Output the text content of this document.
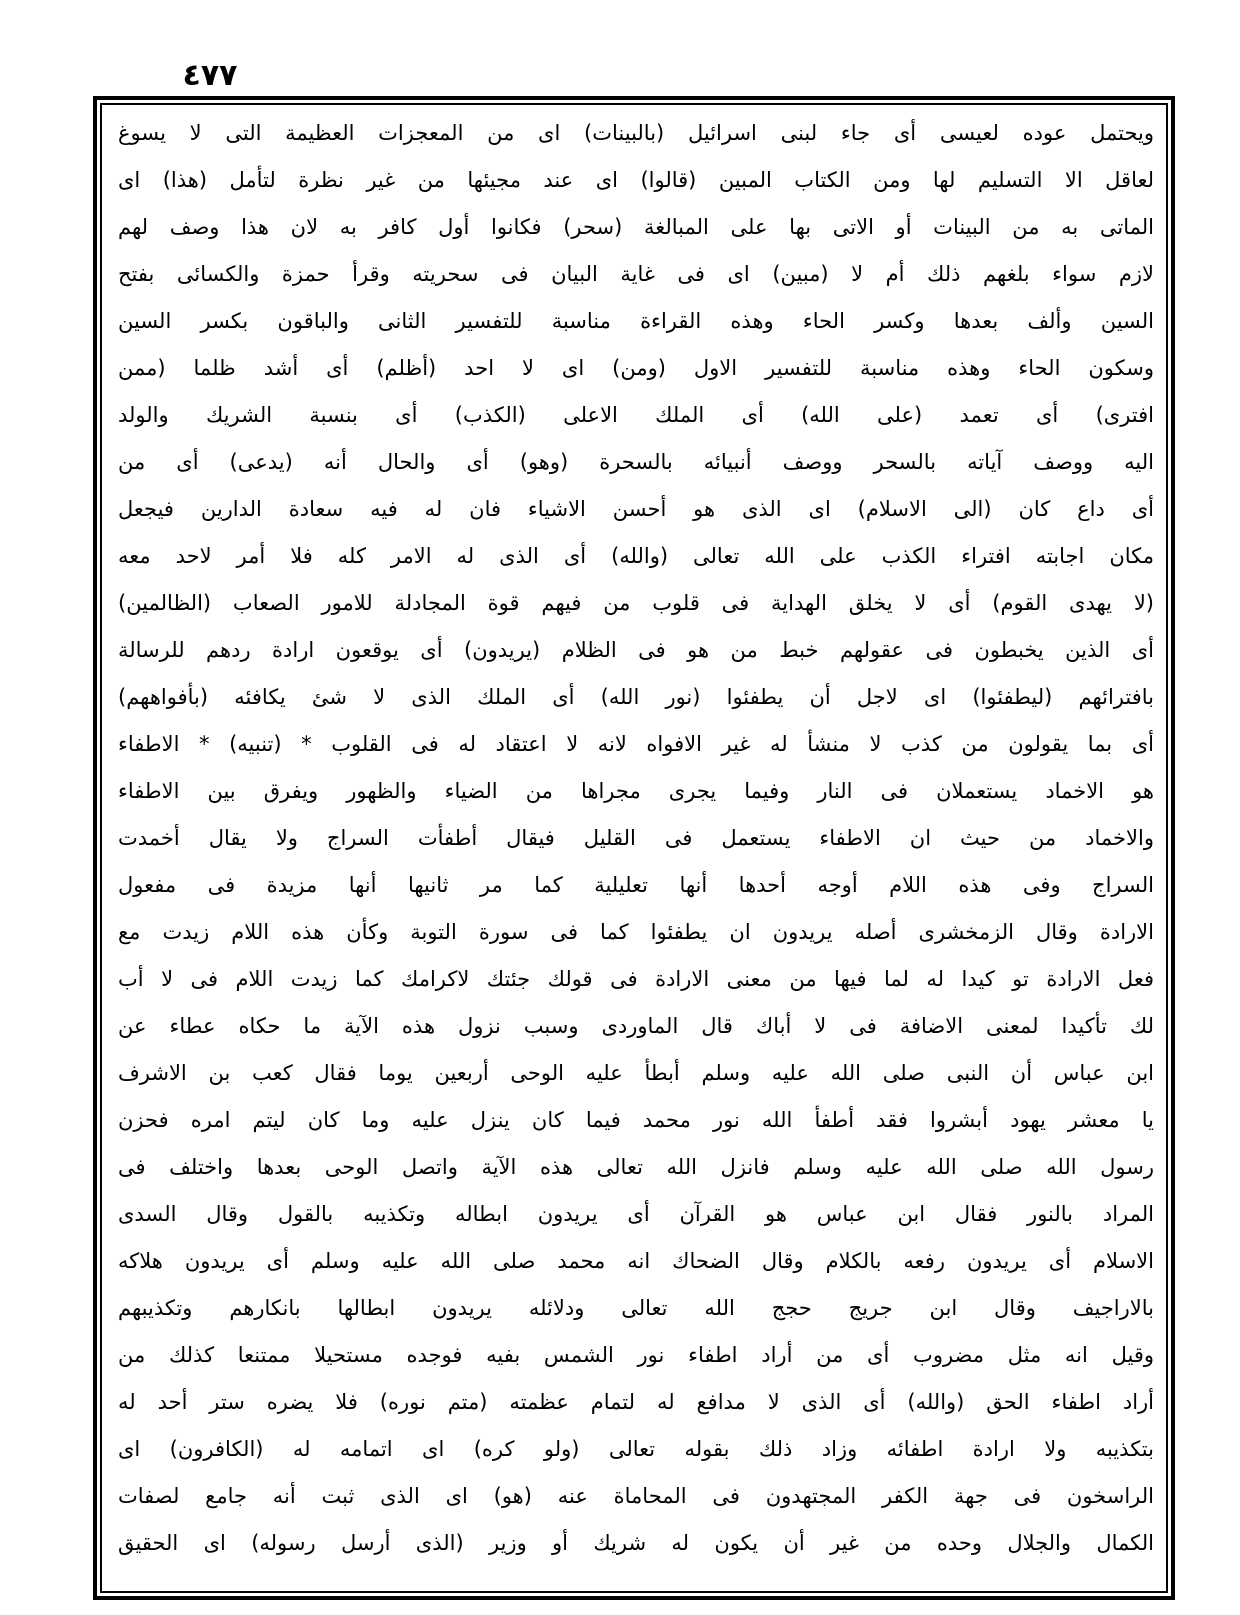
٤٧٧
ويحتمل عوده لعيسى أى جاء لبنى اسرائيل (بالبينات) اى من المعجزات العظيمة التى لا يسوغ
لعاقل الا التسليم لها ومن الكتاب المبين (قالوا) اى عند مجيئها من غير نظرة لتأمل (هذا) اى
الماتى به من البينات أو الاتى بها على المبالغة (سحر) فكانوا أول كافر به لان هذا وصف لهم
لازم سواء بلغهم ذلك أم لا (مبين) اى فى غاية البيان فى سحريته وقرأ حمزة والكسائى بفتح
السين وألف بعدها وكسر الحاء وهذه القراءة مناسبة للتفسير الثانى والباقون بكسر السين
وسكون الحاء وهذه مناسبة للتفسير الاول (ومن) اى لا احد (أظلم) أى أشد ظلما (ممن
افترى) أى تعمد (على الله) أى الملك الاعلى (الكذب) أى بنسبة الشريك والولد
اليه ووصف آياته بالسحر ووصف أنبيائه بالسحرة (وهو) أى والحال أنه (يدعى) أى من
أى داع كان (الى الاسلام) اى الذى هو أحسن الاشياء فان له فيه سعادة الدارين فيجعل
مكان اجابته افتراء الكذب على الله تعالى (والله) أى الذى له الامر كله فلا أمر لاحد معه
(لا يهدى القوم) أى لا يخلق الهداية فى قلوب من فيهم قوة المجادلة للامور الصعاب (الظالمين)
أى الذين يخبطون فى عقولهم خبط من هو فى الظلام (يريدون) أى يوقعون ارادة ردهم للرسالة
بافترائهم (ليطفئوا) اى لاجل أن يطفئوا (نور الله) أى الملك الذى لا شئ يكافئه (بأفواههم)
أى بما يقولون من كذب لا منشأ له غير الافواه لانه لا اعتقاد له فى القلوب * (تنبيه) * الاطفاء
هو الاخماد يستعملان فى النار وفيما يجرى مجراها من الضياء والظهور ويفرق بين الاطفاء
والاخماد من حيث ان الاطفاء يستعمل فى القليل فيقال أطفأت السراج ولا يقال أخمدت
السراج وفى هذه اللام أوجه أحدها أنها تعليلية كما مر ثانيها أنها مزيدة فى مفعول
الارادة وقال الزمخشرى أصله يريدون ان يطفئوا كما فى سورة التوبة وكأن هذه اللام زيدت مع
فعل الارادة تو كيدا له لما فيها من معنى الارادة فى قولك جئتك لاكرامك كما زيدت اللام فى لا أب
لك تأكيدا لمعنى الاضافة فى لا أباك قال الماوردى وسبب نزول هذه الآية ما حكاه عطاء عن
ابن عباس أن النبى صلى الله عليه وسلم أبطأ عليه الوحى أربعين يوما فقال كعب بن الاشرف
يا معشر يهود أبشروا فقد أطفأ الله نور محمد فيما كان ينزل عليه وما كان ليتم امره فحزن
رسول الله صلى الله عليه وسلم فانزل الله تعالى هذه الآية واتصل الوحى بعدها واختلف فى
المراد بالنور فقال ابن عباس هو القرآن أى يريدون ابطاله وتكذيبه بالقول وقال السدى
الاسلام أى يريدون رفعه بالكلام وقال الضحاك انه محمد صلى الله عليه وسلم أى يريدون هلاكه
بالاراجيف وقال ابن جريج حجج الله تعالى ودلائله يريدون ابطالها بانكارهم وتكذيبهم
وقيل انه مثل مضروب أى من أراد اطفاء نور الشمس بفيه فوجده مستحيلا ممتنعا كذلك من
أراد اطفاء الحق (والله) أى الذى لا مدافع له لتمام عظمته (متم نوره) فلا يضره ستر أحد له
بتكذيبه ولا ارادة اطفائه وزاد ذلك بقوله تعالى (ولو كره) اى اتمامه له (الكافرون) اى
الراسخون فى جهة الكفر المجتهدون فى المحاماة عنه (هو) اى الذى ثبت أنه جامع لصفات
الكمال والجلال وحده من غير أن يكون له شريك أو وزير (الذى أرسل رسوله) اى الحقيق
